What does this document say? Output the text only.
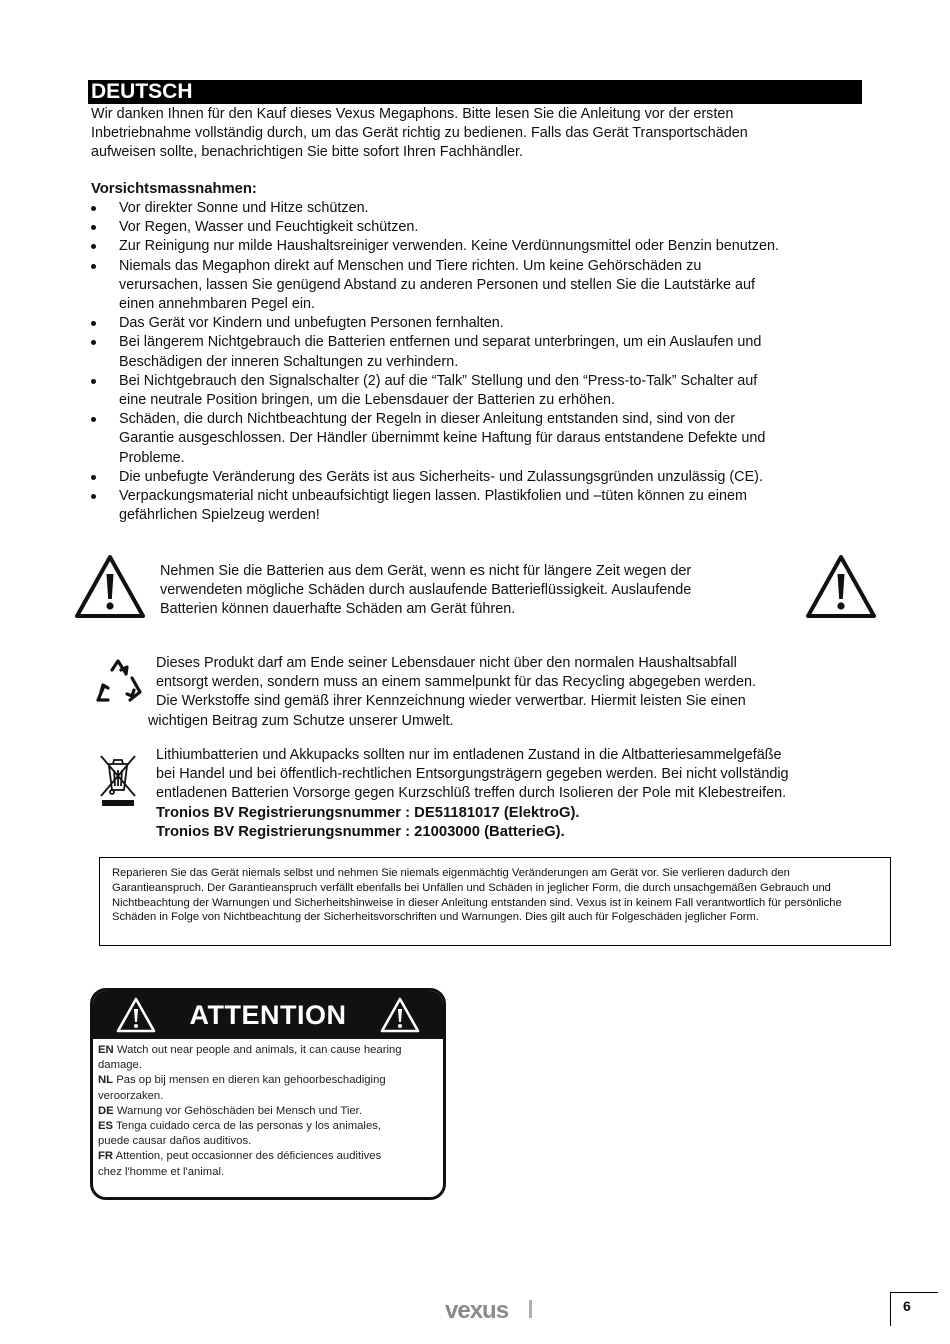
DEUTSCH
Wir danken Ihnen für den Kauf dieses Vexus Megaphons. Bitte lesen Sie die Anleitung vor der ersten
Inbetriebnahme vollständig durch, um das Gerät richtig zu bedienen. Falls das Gerät Transportschäden
aufweisen sollte, benachrichtigen Sie bitte sofort Ihren Fachhändler.
Vorsichtsmassnahmen:
Vor direkter Sonne und Hitze schützen.
Vor Regen, Wasser und Feuchtigkeit schützen.
Zur Reinigung nur milde Haushaltsreiniger verwenden. Keine Verdünnungsmittel oder Benzin benutzen.
Niemals das Megaphon direkt auf Menschen und Tiere richten. Um keine Gehörschäden zu
verursachen, lassen Sie genügend Abstand zu anderen Personen und stellen Sie die Lautstärke auf
einen annehmbaren Pegel ein.
Das Gerät vor Kindern und unbefugten Personen fernhalten.
Bei längerem Nichtgebrauch die Batterien entfernen und separat unterbringen, um ein Auslaufen und
Beschädigen der inneren Schaltungen zu verhindern.
Bei Nichtgebrauch den Signalschalter (2) auf die “Talk” Stellung und den “Press-to-Talk” Schalter auf
eine neutrale Position bringen, um die Lebensdauer der Batterien zu erhöhen.
Schäden, die durch Nichtbeachtung der Regeln in dieser Anleitung entstanden sind, sind von der
Garantie ausgeschlossen. Der Händler übernimmt keine Haftung für daraus entstandene Defekte und
Probleme.
Die unbefugte Veränderung des Geräts ist aus Sicherheits- und Zulassungsgründen unzulässig (CE).
Verpackungsmaterial nicht unbeaufsichtigt liegen lassen. Plastikfolien und –tüten können zu einem
gefährlichen Spielzeug werden!
Nehmen Sie die Batterien aus dem Gerät, wenn es nicht für längere Zeit wegen der
verwendeten mögliche Schäden durch auslaufende Batterieflüssigkeit. Auslaufende
Batterien können dauerhafte Schäden am Gerät führen.
Dieses Produkt darf am Ende seiner Lebensdauer nicht über den normalen Haushaltsabfall
entsorgt werden, sondern muss an einem sammelpunkt für das Recycling abgegeben werden.
Die Werkstoffe sind gemäß ihrer Kennzeichnung wieder verwertbar. Hiermit leisten Sie einen
wichtigen Beitrag zum Schutze unserer Umwelt.
Lithiumbatterien und Akkupacks sollten nur im entladenen Zustand in die Altbatteriesammelgefäße
bei Handel und bei öffentlich-rechtlichen Entsorgungsträgern gegeben werden. Bei nicht vollständig
entladenen Batterien Vorsorge gegen Kurzschlüß treffen durch Isolieren der Pole mit Klebestreifen.
Tronios BV Registrierungsnummer : DE51181017 (ElektroG).
Tronios BV Registrierungsnummer : 21003000 (BatterieG).
Reparieren Sie das Gerät niemals selbst und nehmen Sie niemals eigenmächtig Veränderungen am Gerät vor. Sie verlieren dadurch den Garantieanspruch. Der Garantieanspruch verfällt ebenfalls bei Unfällen und Schäden in jeglicher Form, die durch unsachgemäßen Gebrauch und Nichtbeachtung der Warnungen und Sicherheitshinweise in dieser Anleitung entstanden sind. Vexus ist in keinem Fall verantwortlich für persönliche Schäden in Folge von Nichtbeachtung der Sicherheitsvorschriften und Warnungen. Dies gilt auch für Folgeschäden jeglicher Form.
ATTENTION
EN Watch out near people and animals, it can cause hearing
damage.
NL Pas op bij mensen en dieren kan gehoorbeschadiging
veroorzaken.
DE Warnung vor Gehöschäden bei Mensch und Tier.
ES Tenga cuidado cerca de las personas y los animales,
puede causar daños auditivos.
FR Attention, peut occasionner des déficiences auditives
chez l'homme et l'animal.
vexus	6
